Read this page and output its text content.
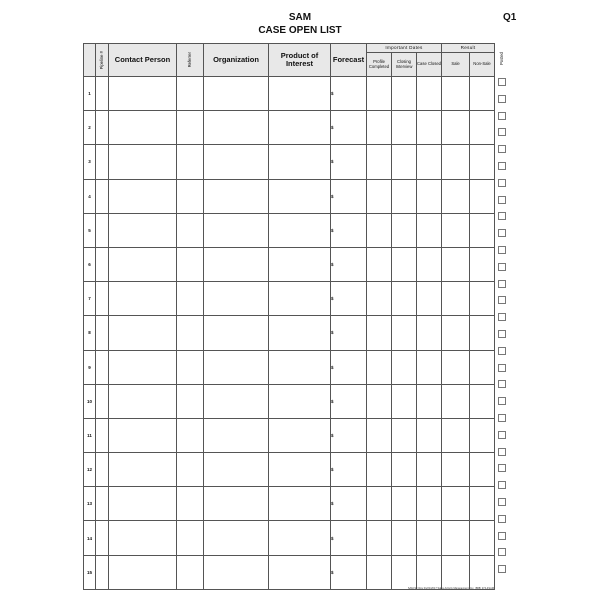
SAM
CASE OPEN LIST
Q1

	Pipeline #	Contact Person	Referrer	Organization	Product of Interest	Forecast	Important Dates			Result	
							Profile Completed	Closing Interview	Case Closed	Sale	Non-Sale
1						$					
2						$					
3						$					
4						$					
5						$					
6						$					
7						$					
8						$					
9						$					
10						$					
11						$					
12						$					
13						$					
14						$					
15						$					
Posted
SAM-SF Rev 01/21/2017 Sales Activity Management, Inc. (888) 274-4SAM
